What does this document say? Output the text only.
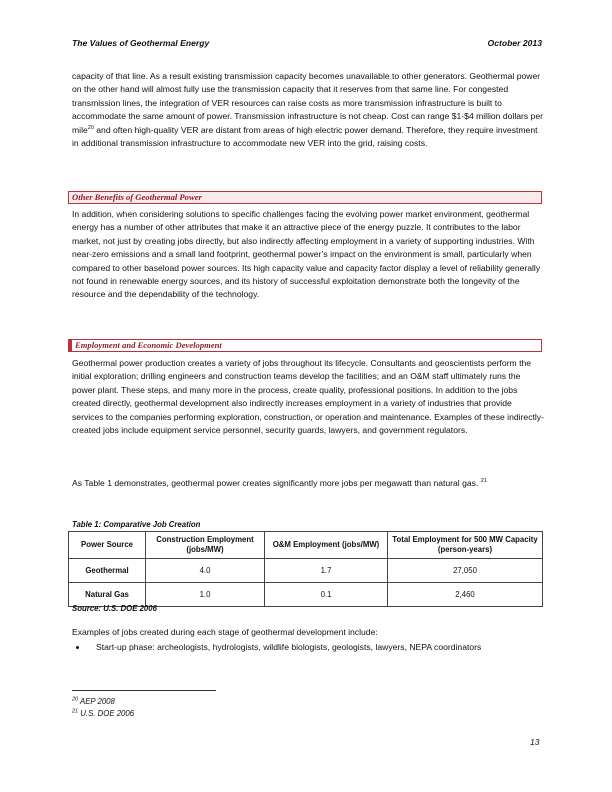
The Values of Geothermal Energy	October 2013

capacity of that line. As a result existing transmission capacity becomes unavailable to other generators. Geothermal power on the other hand will almost fully use the transmission capacity that it reserves from that same line. For congested transmission lines, the integration of VER resources can raise costs as more transmission infrastructure is built to accommodate the same amount of power. Transmission infrastructure is not cheap. Cost can range $1-$4 million dollars per mile$^{20}$ and often high-quality VER are distant from areas of high electric power demand. Therefore, they require investment in additional transmission infrastructure to accommodate new VER into the grid, raising costs.

Other Benefits of Geothermal Power

In addition, when considering solutions to specific challenges facing the evolving power market environment, geothermal energy has a number of other attributes that make it an attractive piece of the energy puzzle. It contributes to the labor market, not just by creating jobs directly, but also indirectly affecting employment in a variety of supporting industries. With near-zero emissions and a small land footprint, geothermal power’s impact on the environment is small, particularly when compared to other baseload power sources. Its high capacity value and capacity factor display a level of reliability generally not found in renewable energy sources, and its history of successful exploitation demonstrate both the longevity of the resource and the dependability of the technology.

Employment and Economic Development

Geothermal power production creates a variety of jobs throughout its lifecycle. Consultants and geoscientists perform the initial exploration; drilling engineers and construction teams develop the facilities; and an O&M staff ultimately runs the power plant. These steps, and many more in the process, create quality, professional positions. In addition to the jobs created directly, geothermal development also indirectly increases employment in a variety of industries that provide services to the companies performing exploration, construction, or operation and maintenance. Examples of these indirectly- created jobs include equipment service personnel, security guards, lawyers, and government regulators.

As Table 1 demonstrates, geothermal power creates significantly more jobs per megawatt than natural gas. $^{21}$

Table 1: Comparative Job Creation
Power Source	Construction Employment (jobs/MW)	O&M Employment (jobs/MW)	Total Employment for 500 MW Capacity (person-years)
Geothermal	4.0	1.7	27,050
Natural Gas	1.0	0.1	2,460
Source: U.S. DOE 2006

Examples of jobs created during each stage of geothermal development include:

• Start-up phase: archeologists, hydrologists, wildlife biologists, geologists, lawyers, NEPA coordinators
$^{20}$ AEP 2008
$^{21}$ U.S. DOE 2006
13
